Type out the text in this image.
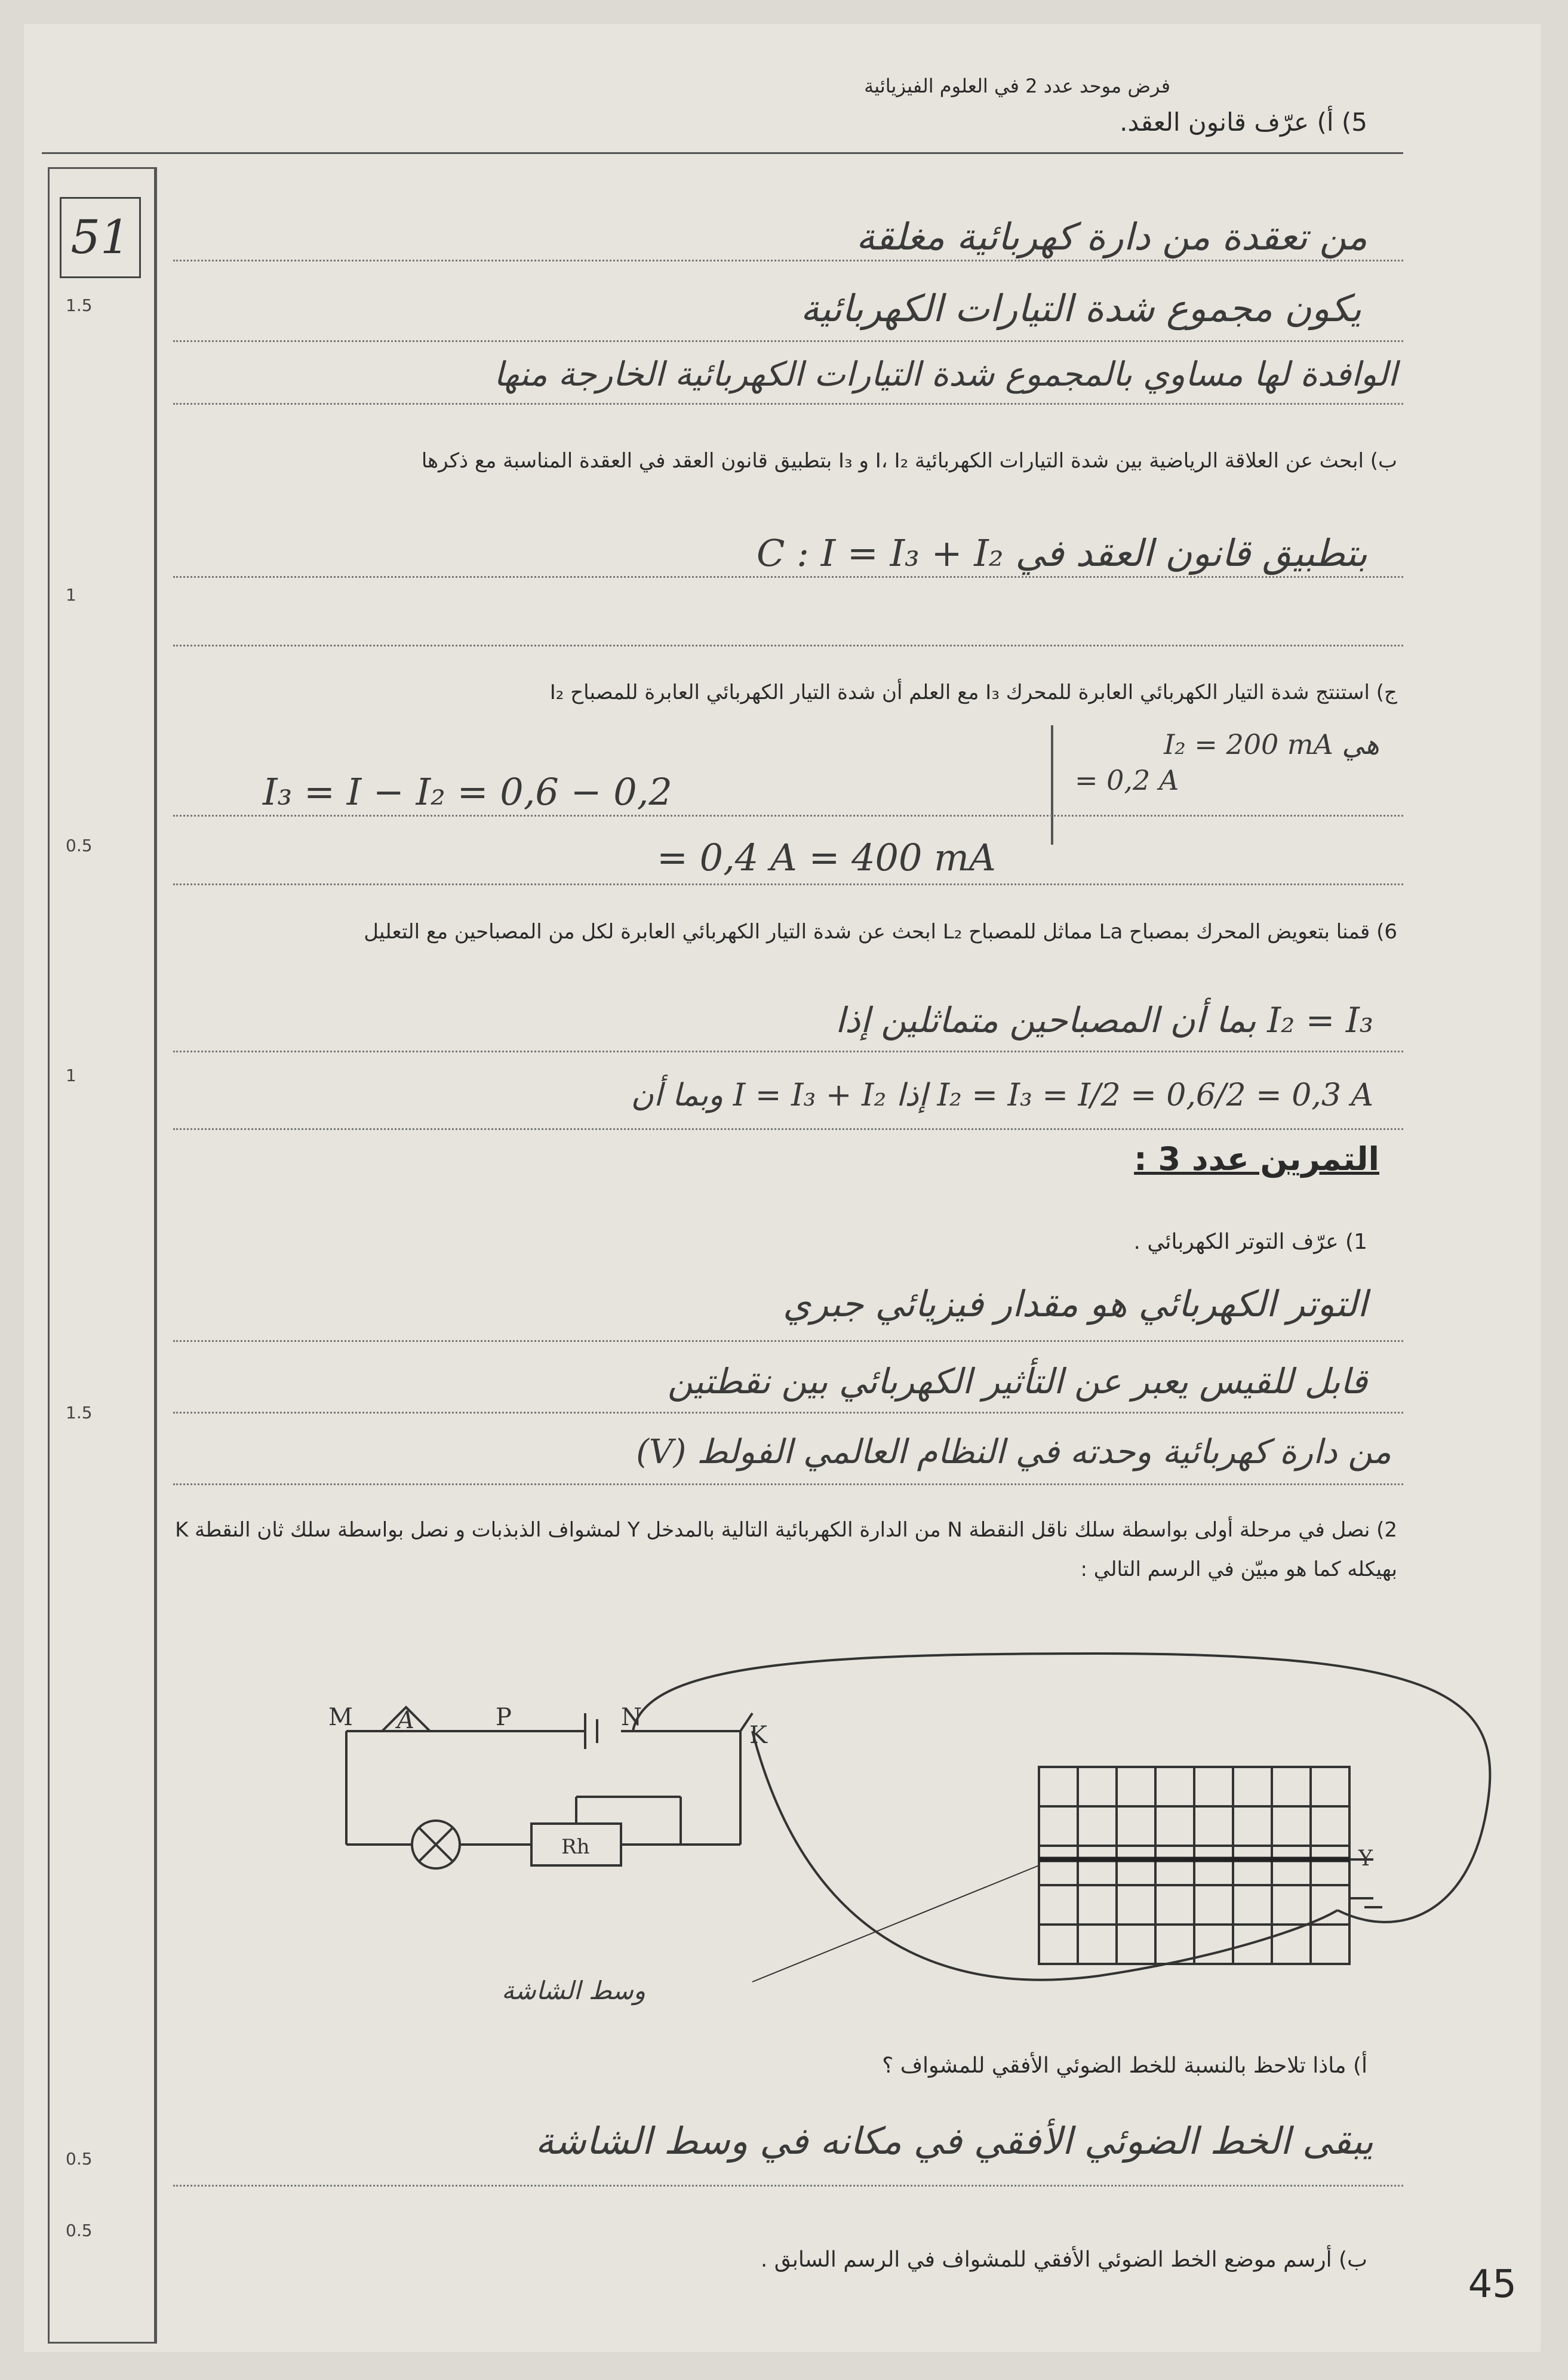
فرض موحد عدد 2 في العلوم الفيزيائية
5) أ) عرّف قانون العقد.
51
1.5
من تعقدة من دارة كهربائية مغلقة
يكون مجموع شدة التيارات الكهربائية
الوافدة لها مساوي بالمجموع شدة التيارات الكهربائية الخارجة منها
ب) ابحث عن العلاقة الرياضية بين شدة التيارات الكهربائية I، I₂ و I₃ بتطبيق قانون العقد في العقدة المناسبة مع ذكرها
1
بتطبيق قانون العقد في C : I = I₃ + I₂
ج) استنتج شدة التيار الكهربائي العابرة للمحرك I₃ مع العلم أن شدة التيار الكهربائي العابرة للمصباح I₂
I₂ = 200 mA هي
= 0,2 A
0.5
I₃ = I − I₂ = 0,6 − 0,2
= 0,4 A = 400 mA
6) قمنا بتعويض المحرك بمصباح La مماثل للمصباح L₂ ابحث عن شدة التيار الكهربائي العابرة لكل من المصباحين مع التعليل
1
I₂ = I₃ بما أن المصباحين متماثلين إذا
I₂ = I₃ = I/2 = 0,6/2 = 0,3 A إذا I = I₃ + I₂ وبما أن
التمرين عدد 3 :
1) عرّف التوتر الكهربائي .
1.5
التوتر الكهربائي هو مقدار فيزيائي جبري
قابل للقيس يعبر عن التأثير الكهربائي بين نقطتين
من دارة كهربائية وحدته في النظام العالمي الفولط (V)
2) نصل في مرحلة أولى بواسطة سلك ناقل النقطة N من الدارة الكهربائية التالية بالمدخل Y لمشواف الذبذبات و نصل بواسطة سلك ثان النقطة K بهيكله كما هو مبيّن في الرسم التالي :
M A	P	N
K
Rh	Y
وسط الشاشة
أ) ماذا تلاحظ بالنسبة للخط الضوئي الأفقي للمشواف ؟
0.5
0.5
يبقى الخط الضوئي الأفقي في مكانه في وسط الشاشة
ب) أرسم موضع الخط الضوئي الأفقي للمشواف في الرسم السابق .
45
